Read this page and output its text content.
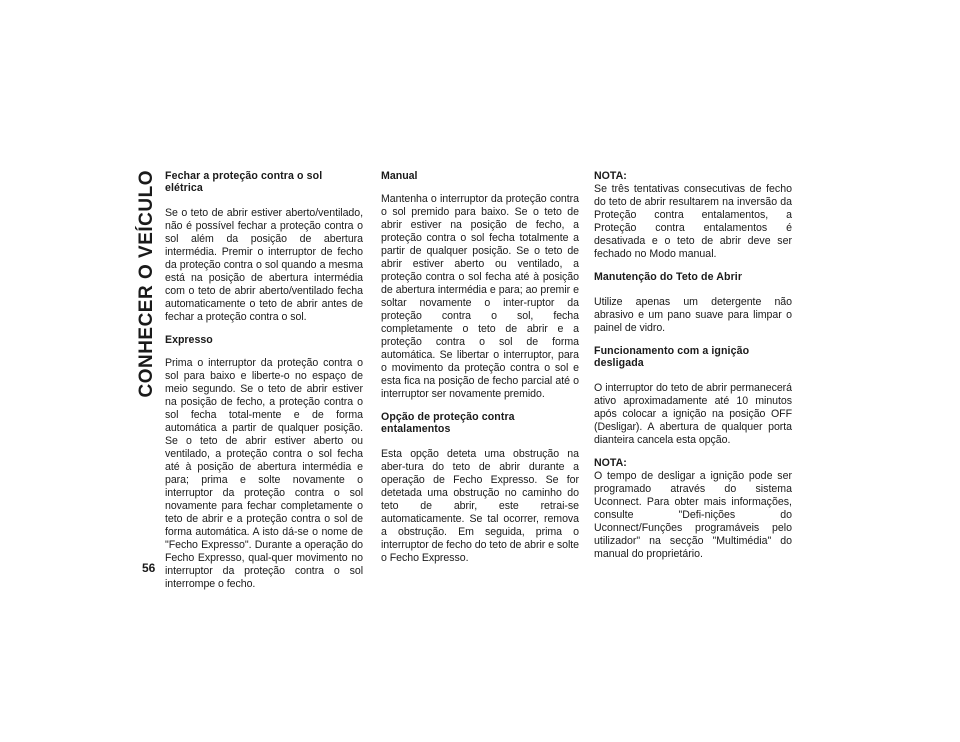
CONHECER O VEÍCULO Fechar a proteção contra o sol elétrica

Se o teto de abrir estiver aberto/ventilado, não é possível fechar a proteção contra o sol além da posição de abertura intermédia. Premir o interruptor de fecho da proteção contra o sol quando a mesma está na posição de abertura intermédia com o teto de abrir aberto/ventilado fecha automaticamente o teto de abrir antes de fechar a proteção contra o sol.

Expresso

Prima o interruptor da proteção contra o sol para baixo e liberte-o no espaço de meio segundo. Se o teto de abrir estiver na posição de fecho, a proteção contra o sol fecha total-mente e de forma automática a partir de qualquer posição. Se o teto de abrir estiver aberto ou ventilado, a proteção contra o sol fecha até à posição de abertura intermédia e para; prima e solte novamente o interruptor da proteção contra o sol novamente para fechar completamente o teto de abrir e a proteção contra o sol de forma automática. A isto dá-se o nome de "Fecho Expresso". Durante a operação do Fecho Expresso, qual-quer movimento no interruptor da proteção contra o sol interrompe o fecho.

Manual

Mantenha o interruptor da proteção contra o sol premido para baixo. Se o teto de abrir estiver na posição de fecho, a proteção contra o sol fecha totalmente a partir de qualquer posição. Se o teto de abrir estiver aberto ou ventilado, a proteção contra o sol fecha até à posição de abertura intermédia e para; ao premir e soltar novamente o inter-ruptor da proteção contra o sol, fecha completamente o teto de abrir e a proteção contra o sol de forma automática. Se libertar o interruptor, para o movimento da proteção contra o sol e esta fica na posição de fecho parcial até o interruptor ser novamente premido.

Opção de proteção contra entalamentos

Esta opção deteta uma obstrução na aber-tura do teto de abrir durante a operação de Fecho Expresso. Se for detetada uma obstrução no caminho do teto de abrir, este retrai-se automaticamente. Se tal ocorrer, remova a obstrução. Em seguida, prima o interruptor de fecho do teto de abrir e solte o Fecho Expresso.

NOTA:
Se três tentativas consecutivas de fecho do teto de abrir resultarem na inversão da Proteção contra entalamentos, a Proteção contra entalamentos é desativada e o teto de abrir deve ser fechado no Modo manual.
Manutenção do Teto de Abrir

Utilize apenas um detergente não abrasivo e um pano suave para limpar o painel de vidro.

Funcionamento com a ignição desligada

O interruptor do teto de abrir permanecerá ativo aproximadamente até 10 minutos após colocar a ignição na posição OFF (Desligar). A abertura de qualquer porta dianteira cancela esta opção.

NOTA:
O tempo de desligar a ignição pode ser programado através do sistema Uconnect. Para obter mais informações, consulte "Defi-nições do Uconnect/Funções programáveis pelo utilizador" na secção "Multimédia" do manual do proprietário.
56
